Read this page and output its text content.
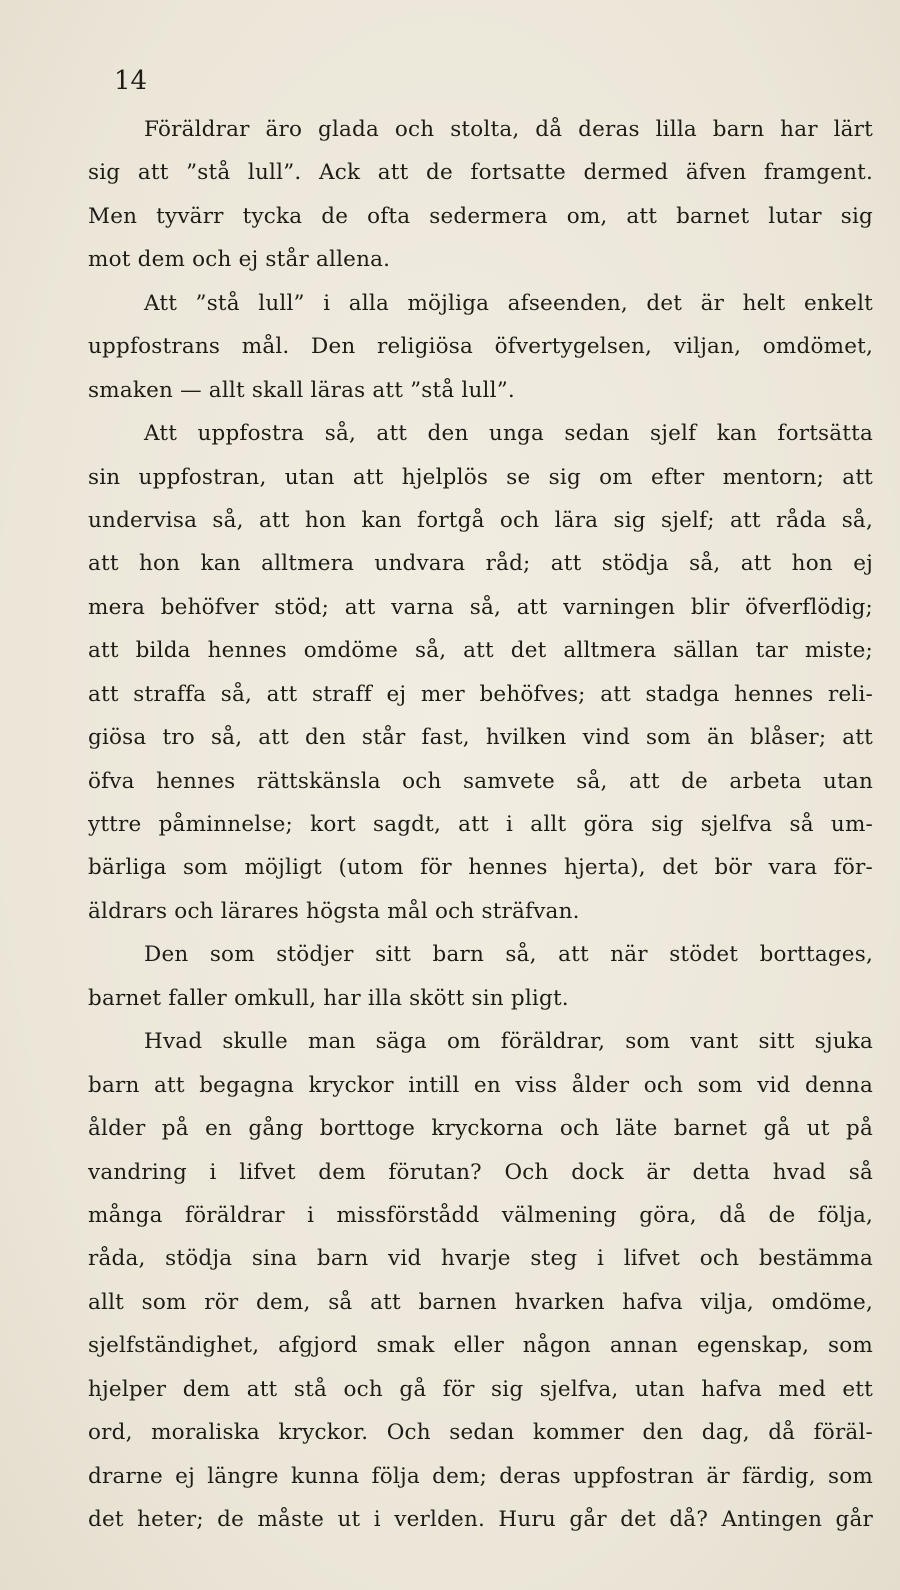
14
Föräldrar äro glada och stolta, då deras lilla barn har lärt
sig att ”stå lull”. Ack att de fortsatte dermed äfven framgent.
Men tyvärr tycka de ofta sedermera om, att barnet lutar sig
mot dem och ej står allena.
Att ”stå lull” i alla möjliga afseenden, det är helt enkelt
uppfostrans mål. Den religiösa öfvertygelsen, viljan, omdömet,
smaken — allt skall läras att ”stå lull”.
Att uppfostra så, att den unga sedan sjelf kan fortsätta
sin uppfostran, utan att hjelplös se sig om efter mentorn; att
undervisa så, att hon kan fortgå och lära sig sjelf; att råda så,
att hon kan alltmera undvara råd; att stödja så, att hon ej
mera behöfver stöd; att varna så, att varningen blir öfverflödig;
att bilda hennes omdöme så, att det alltmera sällan tar miste;
att straffa så, att straff ej mer behöfves; att stadga hennes reli-
giösa tro så, att den står fast, hvilken vind som än blåser; att
öfva hennes rättskänsla och samvete så, att de arbeta utan
yttre påminnelse; kort sagdt, att i allt göra sig sjelfva så um-
bärliga som möjligt (utom för hennes hjerta), det bör vara för-
äldrars och lärares högsta mål och sträfvan.
Den som stödjer sitt barn så, att när stödet borttages,
barnet faller omkull, har illa skött sin pligt.
Hvad skulle man säga om föräldrar, som vant sitt sjuka
barn att begagna kryckor intill en viss ålder och som vid denna
ålder på en gång borttoge kryckorna och läte barnet gå ut på
vandring i lifvet dem förutan? Och dock är detta hvad så
många föräldrar i missförstådd välmening göra, då de följa,
råda, stödja sina barn vid hvarje steg i lifvet och bestämma
allt som rör dem, så att barnen hvarken hafva vilja, omdöme,
sjelfständighet, afgjord smak eller någon annan egenskap, som
hjelper dem att stå och gå för sig sjelfva, utan hafva med ett
ord, moraliska kryckor. Och sedan kommer den dag, då föräl-
drarne ej längre kunna följa dem; deras uppfostran är färdig, som
det heter; de måste ut i verlden. Huru går det då? Antingen går
